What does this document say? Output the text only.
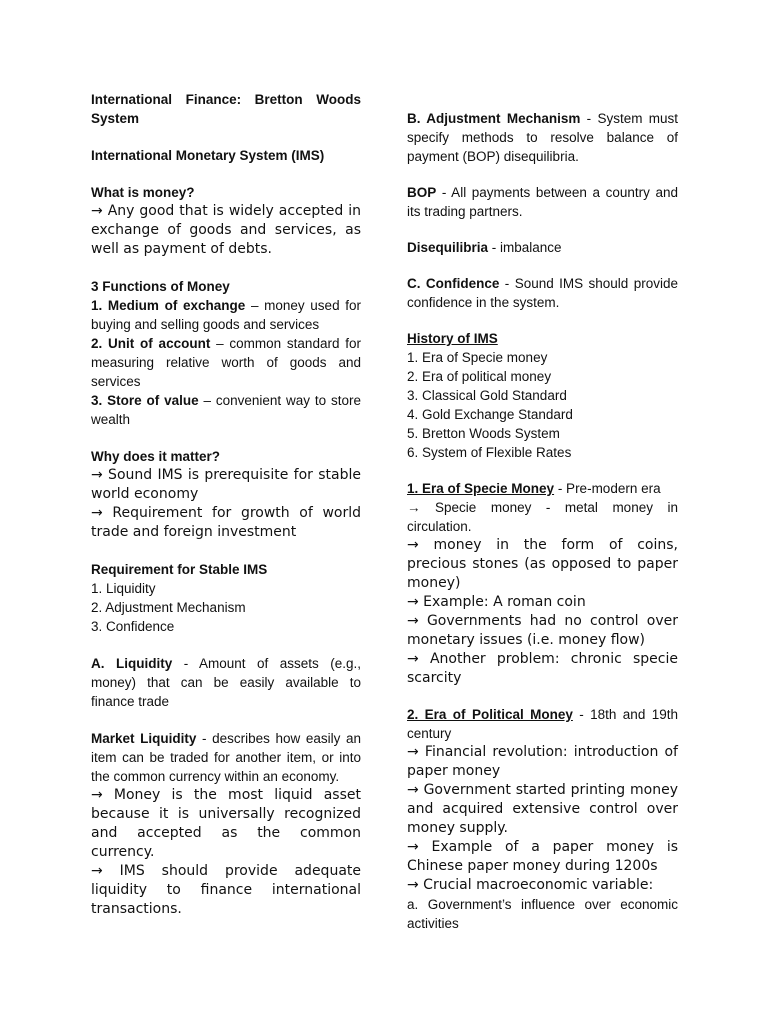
International Finance: Bretton Woods System

International Monetary System (IMS)

What is money?

→ Any good that is widely accepted in exchange of goods and services, as well as payment of debts.

3 Functions of Money

1. Medium of exchange – money used for buying and selling goods and services

2. Unit of account – common standard for measuring relative worth of goods and services

3. Store of value – convenient way to store wealth

Why does it matter?

→ Sound IMS is prerequisite for stable world economy

→ Requirement for growth of world trade and foreign investment

Requirement for Stable IMS

1. Liquidity

2. Adjustment Mechanism

3. Confidence

A. Liquidity - Amount of assets (e.g., money) that can be easily available to finance trade

Market Liquidity - describes how easily an item can be traded for another item, or into the common currency within an economy.

→ Money is the most liquid asset because it is universally recognized and accepted as the common currency.

→ IMS should provide adequate liquidity to finance international transactions.

B. Adjustment Mechanism - System must specify methods to resolve balance of payment (BOP) disequilibria.

BOP - All payments between a country and its trading partners.

Disequilibria - imbalance

C. Confidence - Sound IMS should provide confidence in the system.

History of IMS

1. Era of Specie money

2. Era of political money

3. Classical Gold Standard

4. Gold Exchange Standard

5. Bretton Woods System

6. System of Flexible Rates

1. Era of Specie Money - Pre-modern era

→ Specie money - metal money in circulation.

→ money in the form of coins, precious stones (as opposed to paper money)

→ Example: A roman coin

→ Governments had no control over monetary issues (i.e. money flow)

→ Another problem: chronic specie scarcity

2. Era of Political Money - 18th and 19th century

→ Financial revolution: introduction of paper money

→ Government started printing money and acquired extensive control over money supply.

→ Example of a paper money is Chinese paper money during 1200s

→ Crucial macroeconomic variable:

a. Government’s influence over economic activities
